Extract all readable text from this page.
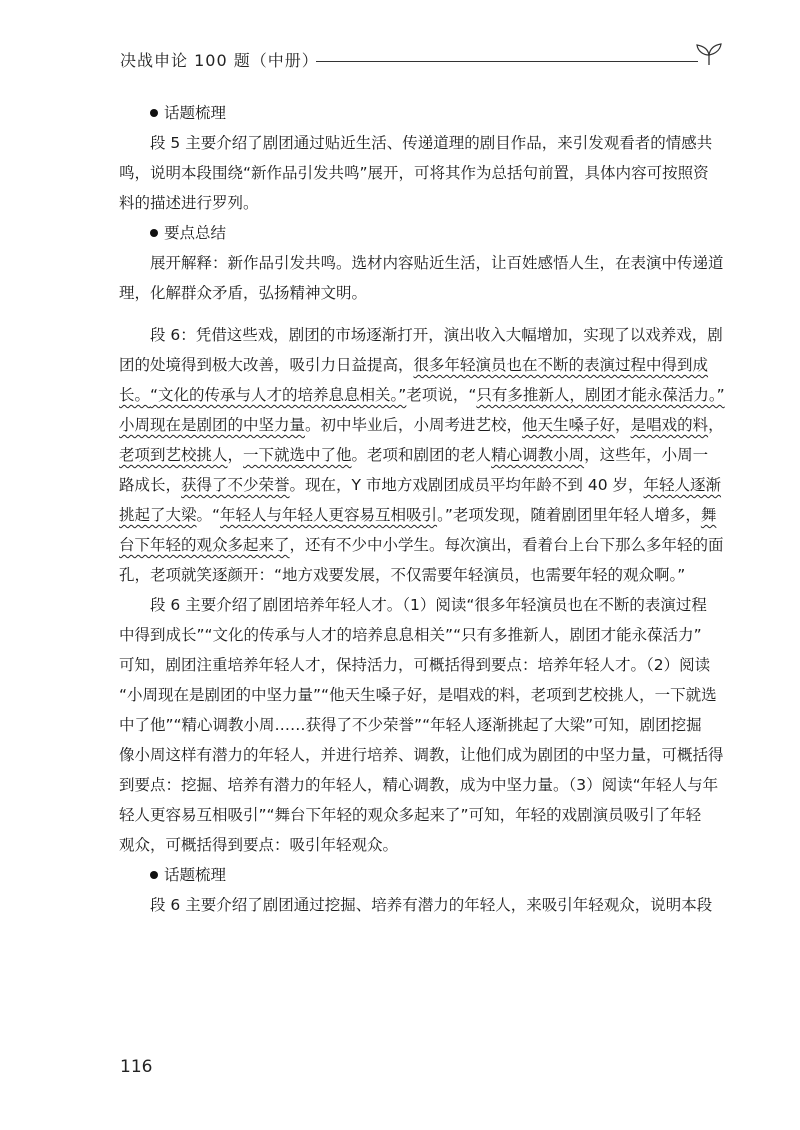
决战申论 100 题（中册）
话题梳理
段 5 主要介绍了剧团通过贴近生活、传递道理的剧目作品，来引发观看者的情感共
鸣，说明本段围绕“新作品引发共鸣”展开，可将其作为总括句前置，具体内容可按照资
料的描述进行罗列。
要点总结
展开解释：新作品引发共鸣。选材内容贴近生活，让百姓感悟人生，在表演中传递道
理，化解群众矛盾，弘扬精神文明。
段 6：凭借这些戏，剧团的市场逐渐打开，演出收入大幅增加，实现了以戏养戏，剧
团的处境得到极大改善，吸引力日益提高，很多年轻演员也在不断的表演过程中得到成
长。“文化的传承与人才的培养息息相关。”老项说，“只有多推新人，剧团才能永葆活力。”
小周现在是剧团的中坚力量。初中毕业后，小周考进艺校，他天生嗓子好，是唱戏的料，
老项到艺校挑人，一下就选中了他。老项和剧团的老人精心调教小周，这些年，小周一
路成长，获得了不少荣誉。现在，Y 市地方戏剧团成员平均年龄不到 40 岁，年轻人逐渐
挑起了大梁。“年轻人与年轻人更容易互相吸引。”老项发现，随着剧团里年轻人增多，舞
台下年轻的观众多起来了，还有不少中小学生。每次演出，看着台上台下那么多年轻的面
孔，老项就笑逐颜开：“地方戏要发展，不仅需要年轻演员，也需要年轻的观众啊。”
段 6 主要介绍了剧团培养年轻人才。（1）阅读“很多年轻演员也在不断的表演过程
中得到成长”“文化的传承与人才的培养息息相关”“只有多推新人，剧团才能永葆活力”
可知，剧团注重培养年轻人才，保持活力，可概括得到要点：培养年轻人才。（2）阅读
“小周现在是剧团的中坚力量”“他天生嗓子好，是唱戏的料，老项到艺校挑人，一下就选
中了他”“精心调教小周……获得了不少荣誉”“年轻人逐渐挑起了大梁”可知，剧团挖掘
像小周这样有潜力的年轻人，并进行培养、调教，让他们成为剧团的中坚力量，可概括得
到要点：挖掘、培养有潜力的年轻人，精心调教，成为中坚力量。（3）阅读“年轻人与年
轻人更容易互相吸引”“舞台下年轻的观众多起来了”可知，年轻的戏剧演员吸引了年轻
观众，可概括得到要点：吸引年轻观众。
话题梳理
段 6 主要介绍了剧团通过挖掘、培养有潜力的年轻人，来吸引年轻观众，说明本段
116
